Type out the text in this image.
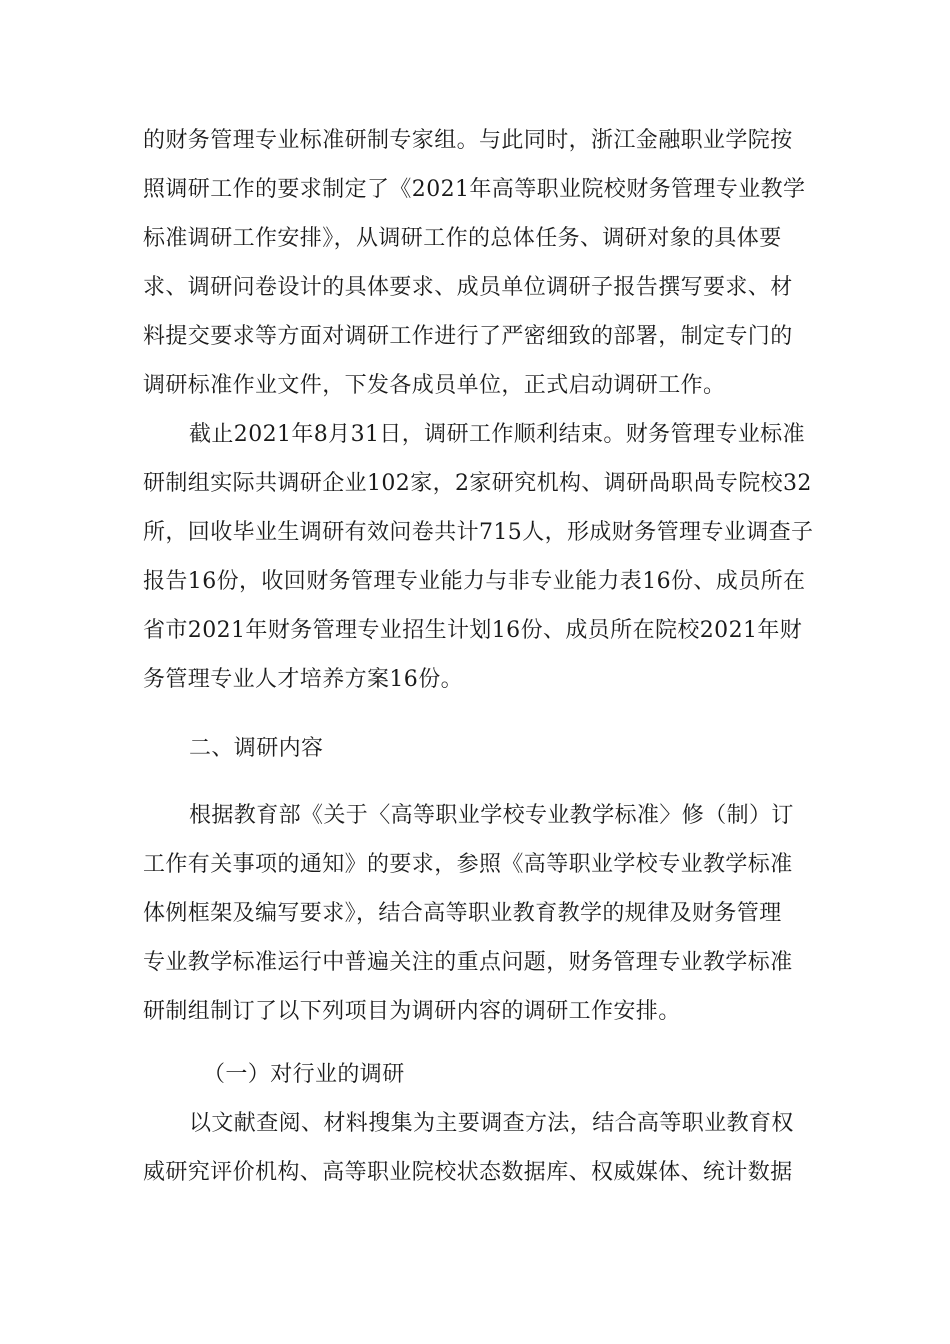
的财务管理专业标准研制专家组。与此同时，浙江金融职业学院按
照调研工作的要求制定了《2021年高等职业院校财务管理专业教学
标准调研工作安排》，从调研工作的总体任务、调研对象的具体要
求、调研问卷设计的具体要求、成员单位调研子报告撰写要求、材
料提交要求等方面对调研工作进行了严密细致的部署，制定专门的
调研标准作业文件，下发各成员单位，正式启动调研工作。
截止2021年8月31日，调研工作顺利结束。财务管理专业标准
研制组实际共调研企业102家，2家研究机构、调研咼职咼专院校32
所，回收毕业生调研有效问卷共计715人，形成财务管理专业调查子
报告16份，收回财务管理专业能力与非专业能力表16份、成员所在
省市2021年财务管理专业招生计划16份、成员所在院校2021年财
务管理专业人才培养方案16份。
二、调研内容
根据教育部《关于〈高等职业学校专业教学标准〉修（制）订
工作有关事项的通知》的要求，参照《高等职业学校专业教学标准
体例框架及编写要求》，结合高等职业教育教学的规律及财务管理
专业教学标准运行中普遍关注的重点问题，财务管理专业教学标准
研制组制订了以下列项目为调研内容的调研工作安排。
（一）对行业的调研
以文献查阅、材料搜集为主要调查方法，结合高等职业教育权
威研究评价机构、高等职业院校状态数据库、权威媒体、统计数据
